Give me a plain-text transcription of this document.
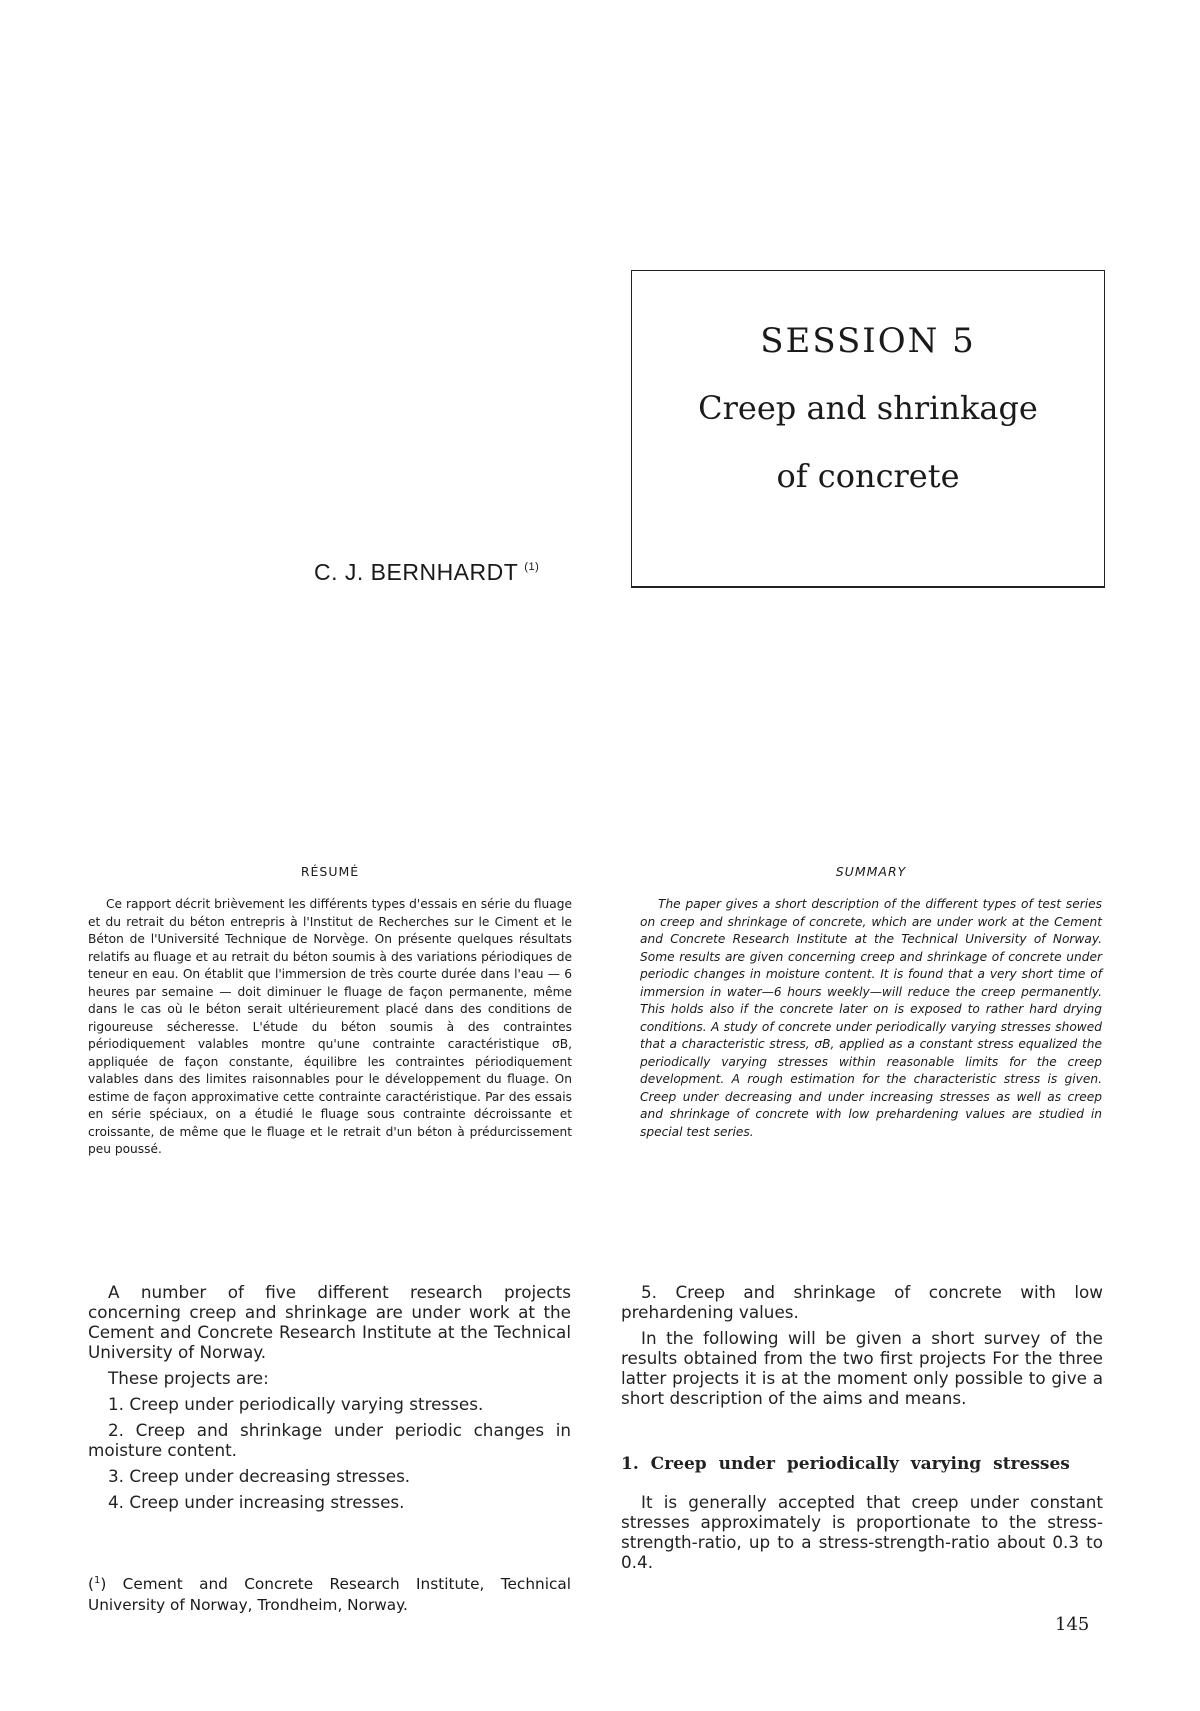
SESSION 5
Creep and shrinkage
of concrete
C. J. BERNHARDT $^{(1)}$
RÉSUMÉ

Ce rapport décrit brièvement les différents types d'essais en série du fluage et du retrait du béton entrepris à l'Institut de Recherches sur le Ciment et le Béton de l'Université Technique de Norvège. On présente quelques résultats relatifs au fluage et au retrait du béton soumis à des variations périodiques de teneur en eau. On établit que l'immersion de très courte durée dans l'eau — 6 heures par semaine — doit diminuer le fluage de façon permanente, même dans le cas où le béton serait ultérieurement placé dans des conditions de rigoureuse sécheresse. L'étude du béton soumis à des contraintes périodiquement valables montre qu'une contrainte caractéristique σB, appliquée de façon constante, équilibre les contraintes périodiquement valables dans des limites raisonnables pour le développement du fluage. On estime de façon approximative cette contrainte caractéristique. Par des essais en série spéciaux, on a étudié le fluage sous contrainte décroissante et croissante, de même que le fluage et le retrait d'un béton à prédurcissement peu poussé.

SUMMARY

The paper gives a short description of the different types of test series on creep and shrinkage of concrete, which are under work at the Cement and Concrete Research Institute at the Technical University of Norway. Some results are given concerning creep and shrinkage of concrete under periodic changes in moisture content. It is found that a very short time of immersion in water—6 hours weekly—will reduce the creep permanently. This holds also if the concrete later on is exposed to rather hard drying conditions. A study of concrete under periodically varying stresses showed that a characteristic stress, σB, applied as a constant stress equalized the periodically varying stresses within reasonable limits for the creep development. A rough estimation for the characteristic stress is given. Creep under decreasing and under increasing stresses as well as creep and shrinkage of concrete with low prehardening values are studied in special test series.

A number of five different research projects concerning creep and shrinkage are under work at the Cement and Concrete Research Institute at the Technical University of Norway.

These projects are:

1. Creep under periodically varying stresses.

2. Creep and shrinkage under periodic changes in moisture content.

3. Creep under decreasing stresses.

4. Creep under increasing stresses.

($^1$) Cement and Concrete Research Institute, Technical University of Norway, Trondheim, Norway.

5. Creep and shrinkage of concrete with low prehardening values.

In the following will be given a short survey of the results obtained from the two first projects For the three latter projects it is at the moment only possible to give a short description of the aims and means.

1. Creep under periodically varying stresses

It is generally accepted that creep under constant stresses approximately is proportionate to the stress-strength-ratio, up to a stress-strength-ratio about 0.3 to 0.4.

145
